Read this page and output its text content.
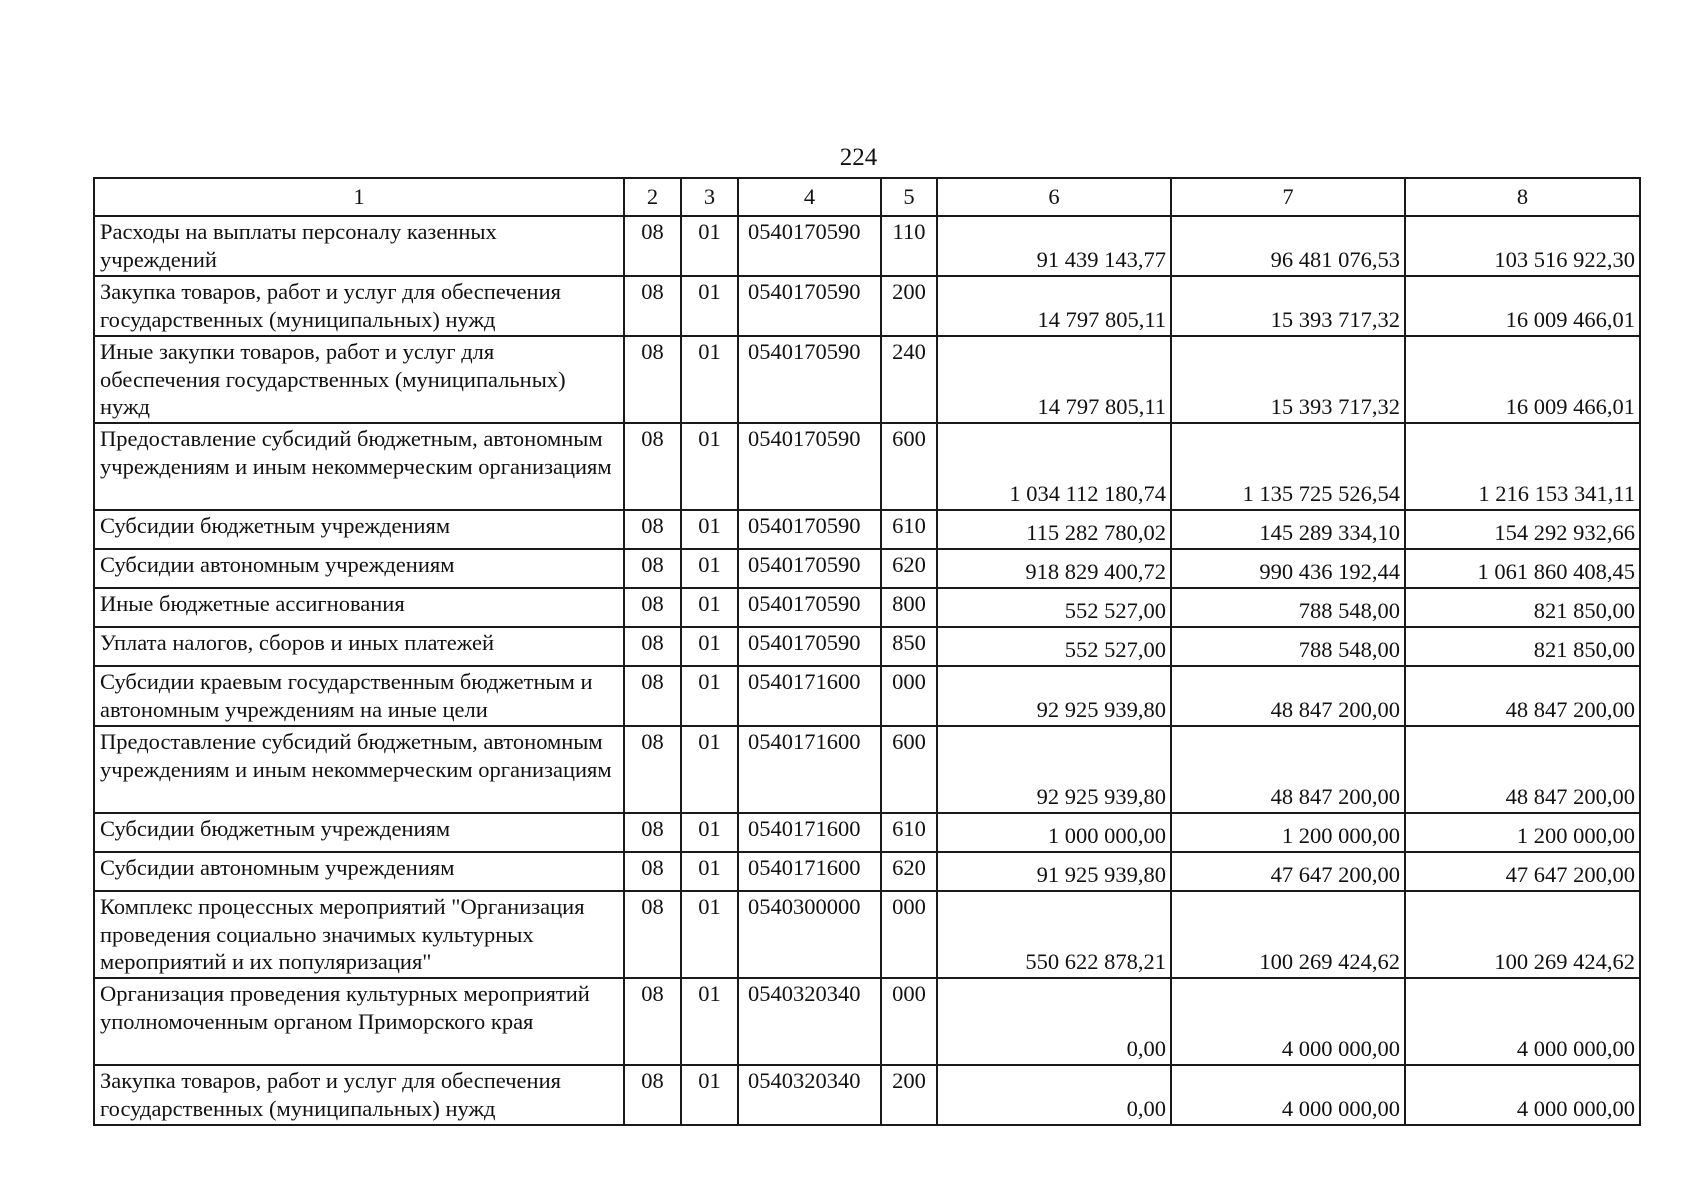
224
1	2	3	4	5	6	7	8
Расходы на выплаты персоналу казенных учреждений	08	01	0540170590	110	91 439 143,77	96 481 076,53	103 516 922,30
Закупка товаров, работ и услуг для обеспечения государственных (муниципальных) нужд	08	01	0540170590	200	14 797 805,11	15 393 717,32	16 009 466,01
Иные закупки товаров, работ и услуг для обеспечения государственных (муниципальных) нужд	08	01	0540170590	240	14 797 805,11	15 393 717,32	16 009 466,01
Предоставление субсидий бюджетным, автономным учреждениям и иным некоммерческим организациям	08	01	0540170590	600	1 034 112 180,74	1 135 725 526,54	1 216 153 341,11
Субсидии бюджетным учреждениям	08	01	0540170590	610	115 282 780,02	145 289 334,10	154 292 932,66
Субсидии автономным учреждениям	08	01	0540170590	620	918 829 400,72	990 436 192,44	1 061 860 408,45
Иные бюджетные ассигнования	08	01	0540170590	800	552 527,00	788 548,00	821 850,00
Уплата налогов, сборов и иных платежей	08	01	0540170590	850	552 527,00	788 548,00	821 850,00
Субсидии краевым государственным бюджетным и автономным учреждениям на иные цели	08	01	0540171600	000	92 925 939,80	48 847 200,00	48 847 200,00
Предоставление субсидий бюджетным, автономным учреждениям и иным некоммерческим организациям	08	01	0540171600	600	92 925 939,80	48 847 200,00	48 847 200,00
Субсидии бюджетным учреждениям	08	01	0540171600	610	1 000 000,00	1 200 000,00	1 200 000,00
Субсидии автономным учреждениям	08	01	0540171600	620	91 925 939,80	47 647 200,00	47 647 200,00
Комплекс процессных мероприятий "Организация проведения социально значимых культурных мероприятий и их популяризация"	08	01	0540300000	000	550 622 878,21	100 269 424,62	100 269 424,62
Организация проведения культурных мероприятий уполномоченным органом Приморского края	08	01	0540320340	000	0,00	4 000 000,00	4 000 000,00
Закупка товаров, работ и услуг для обеспечения государственных (муниципальных) нужд	08	01	0540320340	200	0,00	4 000 000,00	4 000 000,00
